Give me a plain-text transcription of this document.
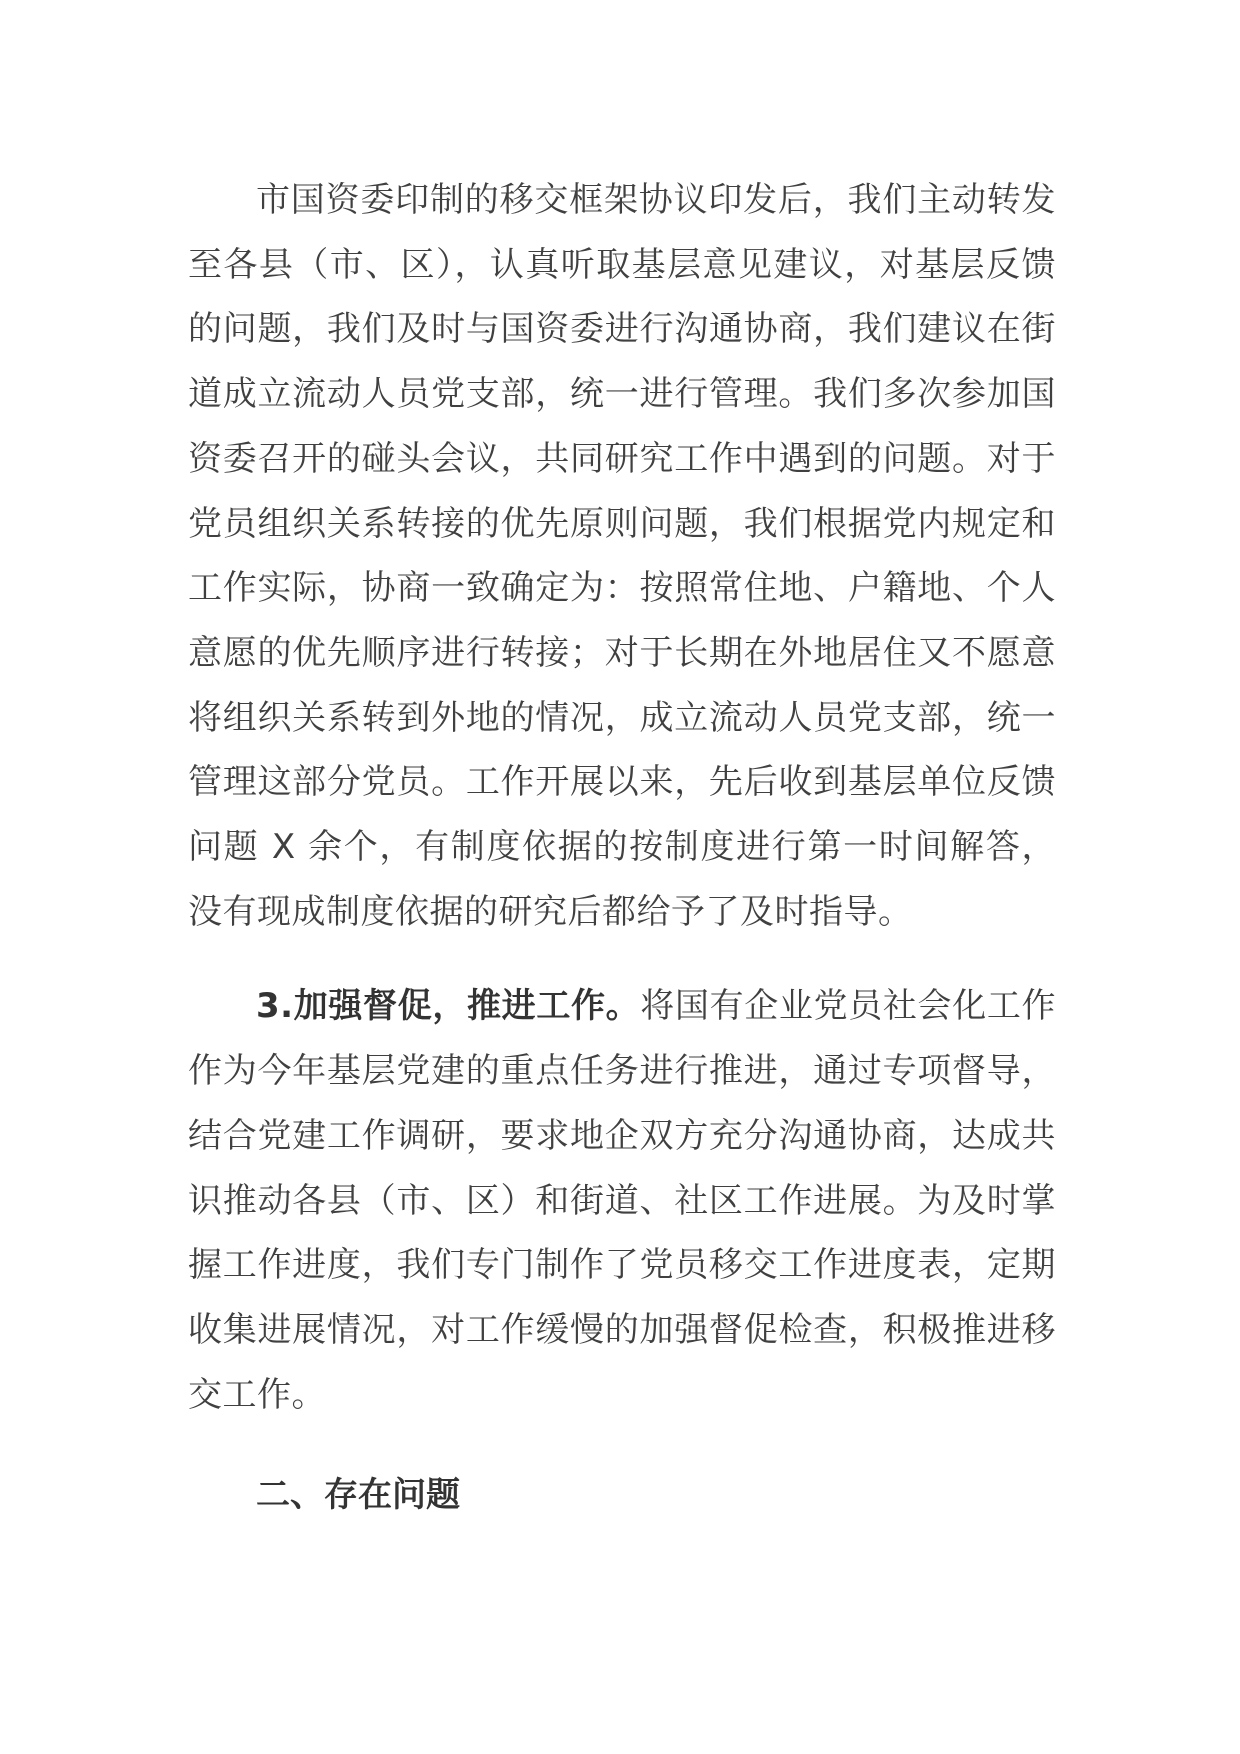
市国资委印制的移交框架协议印发后，我们主动转发至各县（市、区），认真听取基层意见建议，对基层反馈的问题，我们及时与国资委进行沟通协商，我们建议在街道成立流动人员党支部，统一进行管理。我们多次参加国资委召开的碰头会议，共同研究工作中遇到的问题。对于党员组织关系转接的优先原则问题，我们根据党内规定和工作实际，协商一致确定为：按照常住地、户籍地、个人意愿的优先顺序进行转接；对于长期在外地居住又不愿意将组织关系转到外地的情况，成立流动人员党支部，统一管理这部分党员。工作开展以来，先后收到基层单位反馈问题 X 余个，有制度依据的按制度进行第一时间解答，没有现成制度依据的研究后都给予了及时指导。

3.加强督促，推进工作。将国有企业党员社会化工作作为今年基层党建的重点任务进行推进，通过专项督导，结合党建工作调研，要求地企双方充分沟通协商，达成共识推动各县（市、区）和街道、社区工作进展。为及时掌握工作进度，我们专门制作了党员移交工作进度表，定期收集进展情况，对工作缓慢的加强督促检查，积极推进移交工作。

二、存在问题
